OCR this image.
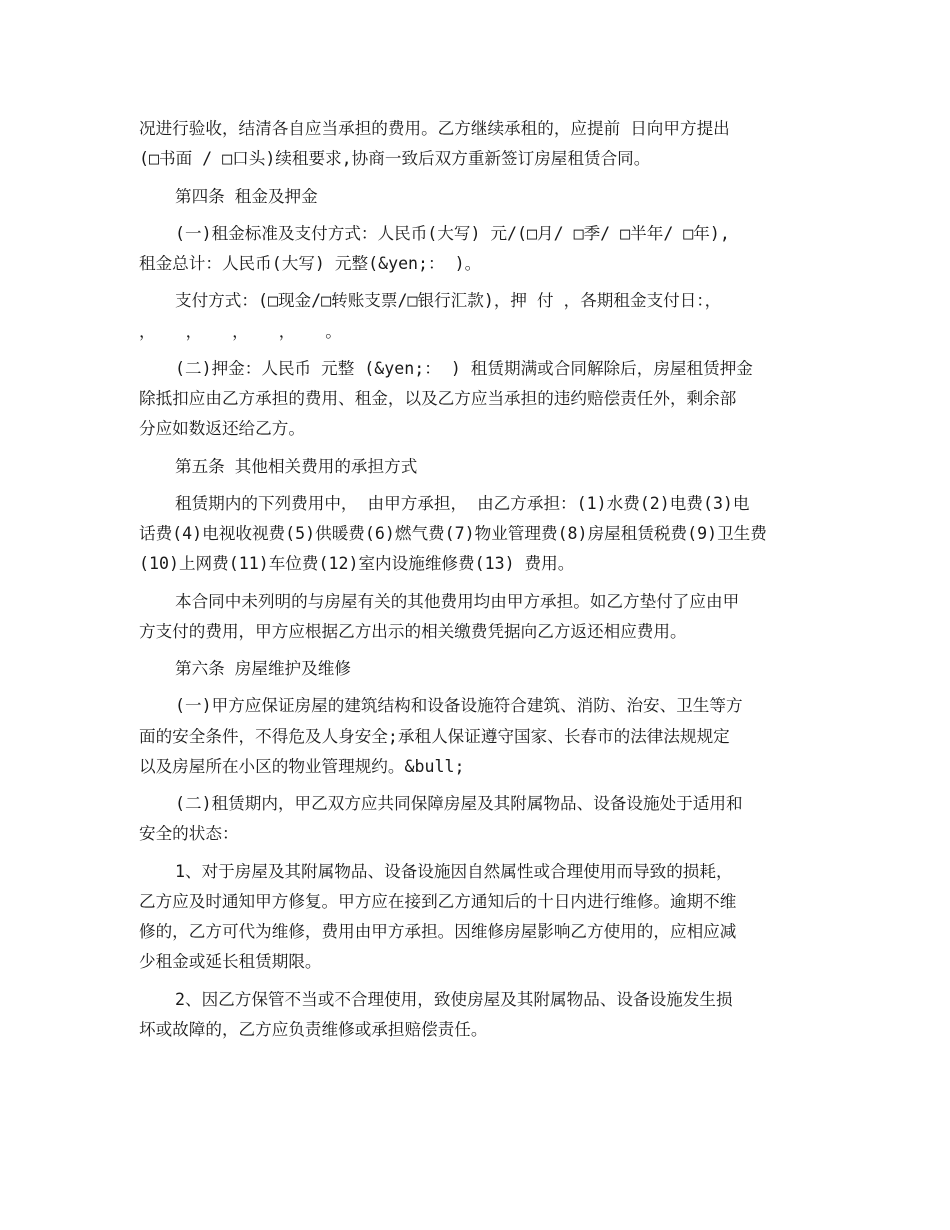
况进行验收，结清各自应当承担的费用。乙方继续承租的，应提前 日向甲方提出
(□书面 / □口头)续租要求,协商一致后双方重新签订房屋租赁合同。
第四条 租金及押金
(一)租金标准及支付方式：人民币(大写) 元/(□月/ □季/ □半年/ □年),
租金总计：人民币(大写) 元整(&yen;： )。
支付方式：(□现金/□转账支票/□银行汇款)，押 付 ，各期租金支付日：，
，   ，   ，   ，   。
(二)押金：人民币 元整 (&yen;： ) 租赁期满或合同解除后，房屋租赁押金
除抵扣应由乙方承担的费用、租金，以及乙方应当承担的违约赔偿责任外，剩余部
分应如数返还给乙方。
第五条 其他相关费用的承担方式
租赁期内的下列费用中， 由甲方承担， 由乙方承担：(1)水费(2)电费(3)电
话费(4)电视收视费(5)供暖费(6)燃气费(7)物业管理费(8)房屋租赁税费(9)卫生费
(10)上网费(11)车位费(12)室内设施维修费(13) 费用。
本合同中未列明的与房屋有关的其他费用均由甲方承担。如乙方垫付了应由甲
方支付的费用，甲方应根据乙方出示的相关缴费凭据向乙方返还相应费用。
第六条 房屋维护及维修
(一)甲方应保证房屋的建筑结构和设备设施符合建筑、消防、治安、卫生等方
面的安全条件，不得危及人身安全;承租人保证遵守国家、长春市的法律法规规定
以及房屋所在小区的物业管理规约。&bull;
(二)租赁期内，甲乙双方应共同保障房屋及其附属物品、设备设施处于适用和
安全的状态：
1、对于房屋及其附属物品、设备设施因自然属性或合理使用而导致的损耗，
乙方应及时通知甲方修复。甲方应在接到乙方通知后的十日内进行维修。逾期不维
修的，乙方可代为维修，费用由甲方承担。因维修房屋影响乙方使用的，应相应减
少租金或延长租赁期限。
2、因乙方保管不当或不合理使用，致使房屋及其附属物品、设备设施发生损
坏或故障的，乙方应负责维修或承担赔偿责任。
